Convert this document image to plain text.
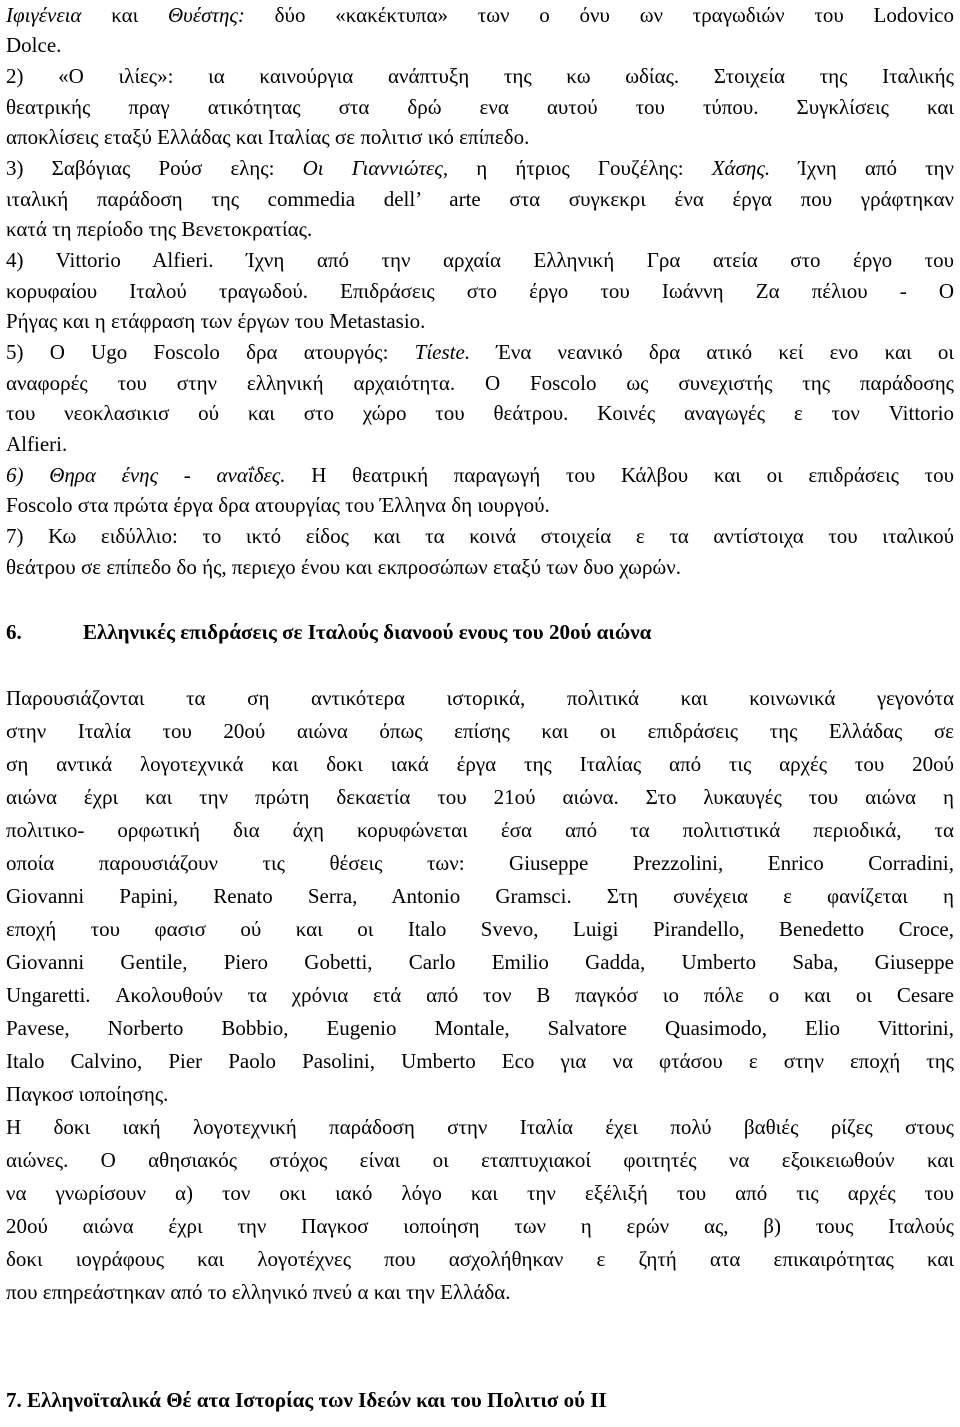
Ιφιγένεια και Θυέστης: δύο «κακέκτυπα» των ο όνυ ων τραγωδιών του Lodovico
Dolce.
2) «Ο ιλίες»: ια καινούργια ανάπτυξη της κω ωδίας. Στοιχεία της Ιταλικής
θεατρικής πραγ ατικότητας στα δρώ ενα αυτού του τύπου. Συγκλίσεις και
αποκλίσεις εταξύ Ελλάδας και Ιταλίας σε πολιτισ ικό επίπεδο.
3) Σαβόγιας Ρούσ ελης: Οι Γιαννιώτες, η ήτριος Γουζέλης: Χάσης. Ίχνη από την
ιταλική παράδοση της commedia dell’ arte στα συγκεκρι ένα έργα που γράφτηκαν
κατά τη περίοδο της Βενετοκρατίας.
4) Vittorio Alfieri. Ίχνη από την αρχαία Ελληνική Γρα ατεία στο έργο του
κορυφαίου Ιταλού τραγωδού. Επιδράσεις στο έργο του Ιωάννη Ζα πέλιου - Ο
Ρήγας και η ετάφραση των έργων του Metastasio.
5) Ο Ugo Foscolo δρα ατουργός: Tίeste. Ένα νεανικό δρα ατικό κεί ενο και οι
αναφορές του στην ελληνική αρχαιότητα. Ο Foscolo ως συνεχιστής της παράδοσης
του νεοκλασικισ ού και στο χώρο του θεάτρου. Κοινές αναγωγές ε τον Vittorio
Alfieri.
6) Θηρα ένης - αναΐδες. Η θεατρική παραγωγή του Κάλβου και οι επιδράσεις του
Foscolo στα πρώτα έργα δρα ατουργίας του Έλληνα δη ιουργού.
7) Κω ειδύλλιο: το ικτό είδος και τα κοινά στοιχεία ε τα αντίστοιχα του ιταλικού
θεάτρου σε επίπεδο δο ής, περιεχο ένου και εκπροσώπων εταξύ των δυο χωρών.
6.	Ελληνικές επιδράσεις σε Ιταλούς διανοού ενους του 20ού αιώνα
Παρουσιάζονται τα ση αντικότερα ιστορικά, πολιτικά και κοινωνικά γεγονότα
στην Ιταλία του 20ού αιώνα όπως επίσης και οι επιδράσεις της Ελλάδας σε
ση αντικά λογοτεχνικά και δοκι ιακά έργα της Ιταλίας από τις αρχές του 20ού
αιώνα έχρι και την πρώτη δεκαετία του 21ού αιώνα. Στο λυκαυγές του αιώνα η
πολιτικο- ορφωτική δια άχη κορυφώνεται έσα από τα πολιτιστικά περιοδικά, τα
οποία παρουσιάζουν τις θέσεις των: Giuseppe Prezzolini, Enrico Corradini,
Giovanni Papini, Renato Serra, Antonio Gramsci. Στη συνέχεια ε φανίζεται η
εποχή του φασισ ού και οι Italo Svevo, Luigi Pirandello, Benedetto Croce,
Giovanni Gentile, Piero Gobetti, Carlo Emilio Gadda, Umberto Saba, Giuseppe
Ungaretti. Ακολουθούν τα χρόνια ετά από τον Β παγκόσ ιο πόλε ο και οι Cesare
Pavese, Norberto Bobbio, Eugenio Montale, Salvatore Quasimodo, Elio Vittorini,
Italo Calvino, Pier Paolo Pasolini, Umberto Eco για να φτάσου ε στην εποχή της
Παγκοσ ιοποίησης.
Η δοκι ιακή λογοτεχνική παράδοση στην Ιταλία έχει πολύ βαθιές ρίζες στους
αιώνες. Ο αθησιακός στόχος είναι οι εταπτυχιακοί φοιτητές να εξοικειωθούν και
να γνωρίσουν α) τον οκι ιακό λόγο και την εξέλιξή του από τις αρχές του
20ού αιώνα έχρι την Παγκοσ ιοποίηση των η ερών ας, β) τους Ιταλούς
δοκι ιογράφους και λογοτέχνες που ασχολήθηκαν ε ζητή ατα επικαιρότητας και
που επηρεάστηκαν από το ελληνικό πνεύ α και την Ελλάδα.
7. Ελληνοϊταλικά Θέ ατα Ιστορίας των Ιδεών και του Πολιτισ ού ΙΙ
